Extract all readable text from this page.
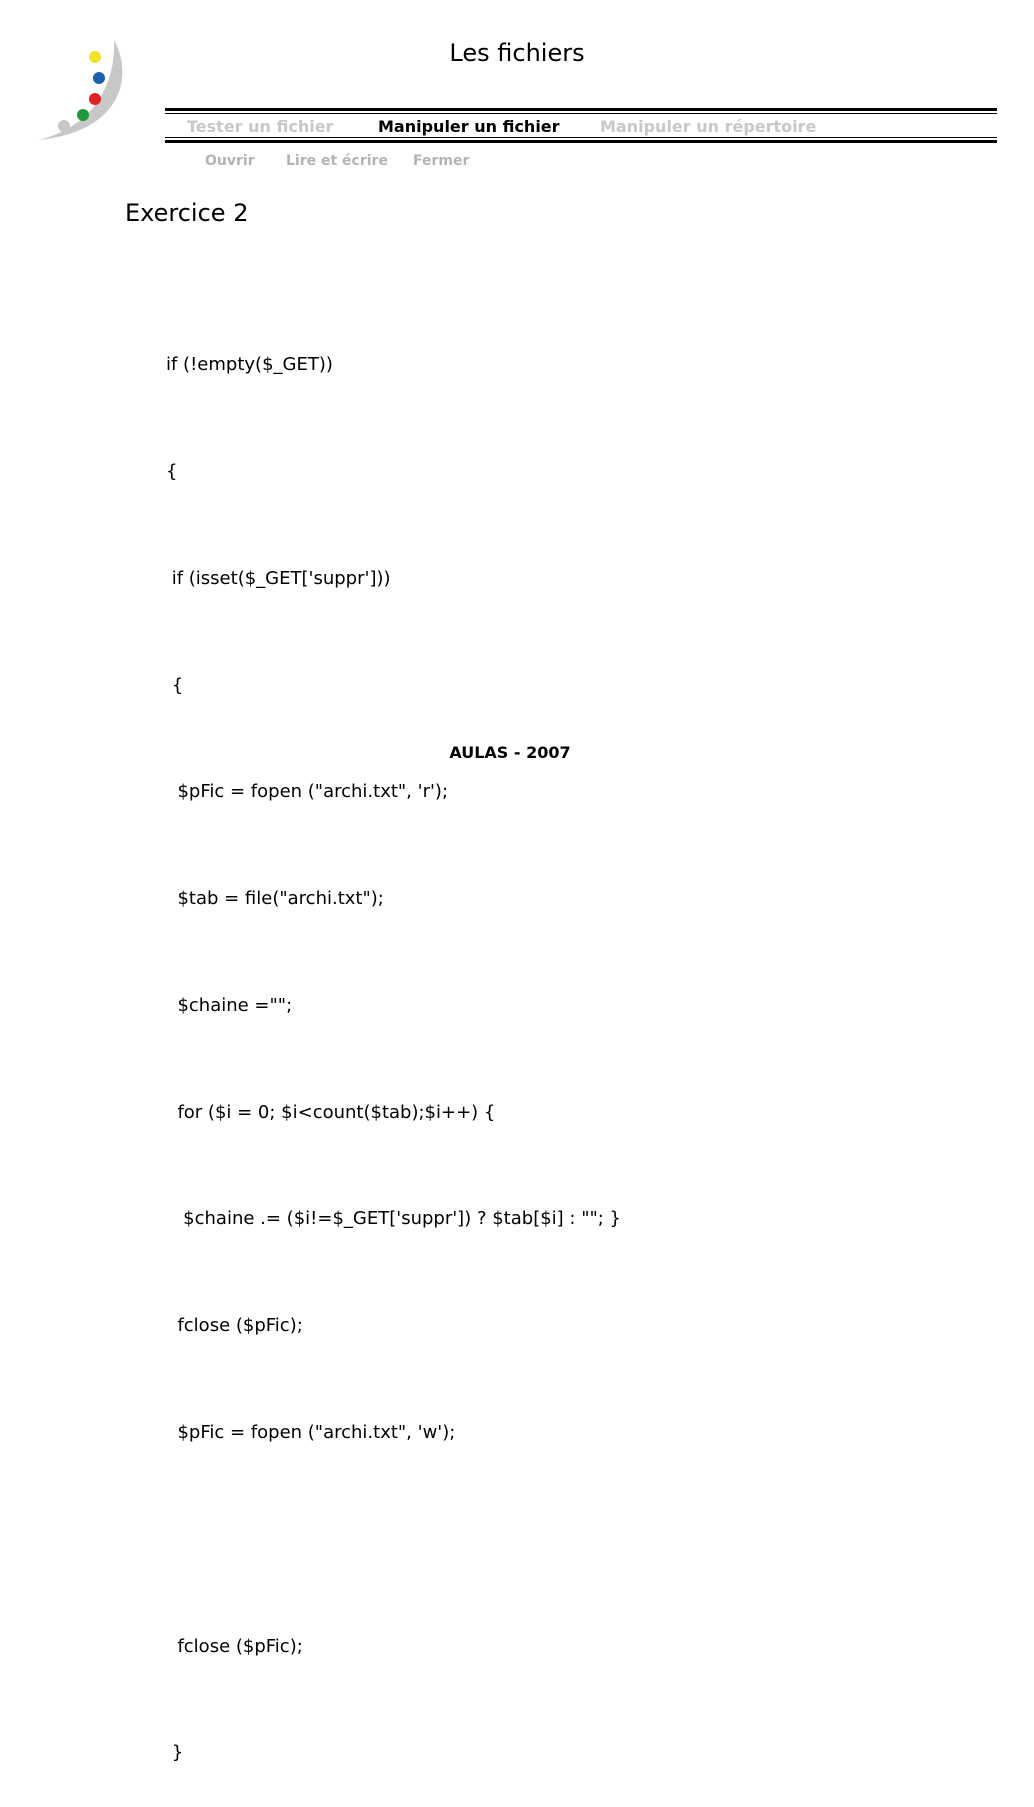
Les fichiers
Tester un fichier	Manipuler un fichier	Manipuler un répertoire
Ouvrir Lire et écrire Fermer
Exercice 2

if (!empty($_GET))

{

if (isset($_GET['suppr']))

{

$pFic = fopen ("archi.txt", 'r');

$tab = file("archi.txt");

$chaine ="";

for ($i = 0; $i<count($tab);$i++) {

$chaine .= ($i!=$_GET['suppr']) ? $tab[$i] : ""; }

fclose ($pFic);

$pFic = fopen ("archi.txt", 'w');

fclose ($pFic);

}

AULAS - 2007
